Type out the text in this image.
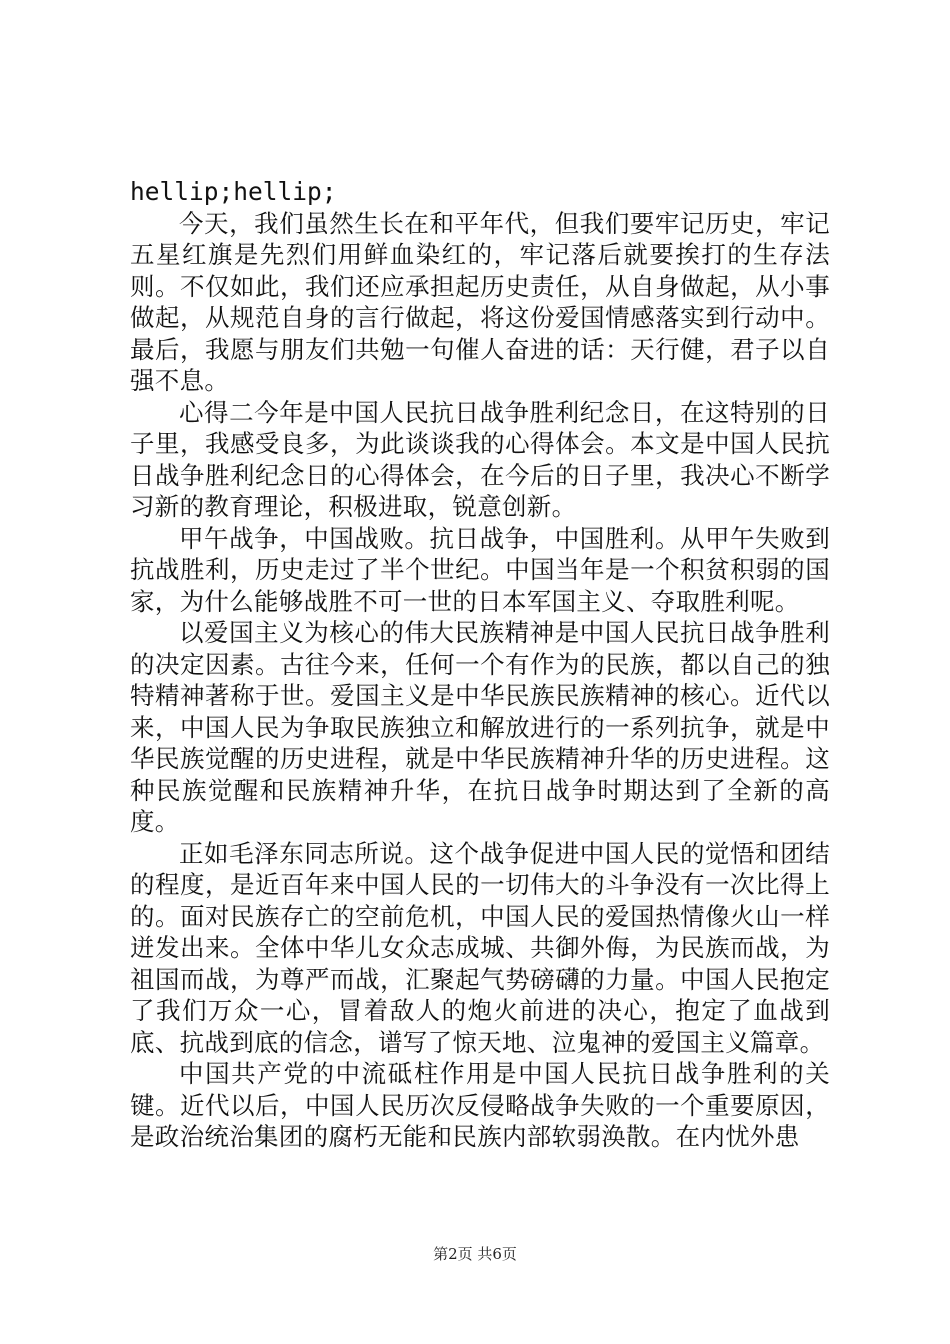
hellip;hellip;

今天，我们虽然生长在和平年代，但我们要牢记历史，牢记五星红旗是先烈们用鲜血染红的，牢记落后就要挨打的生存法则。不仅如此，我们还应承担起历史责任，从自身做起，从小事做起，从规范自身的言行做起，将这份爱国情感落实到行动中。最后，我愿与朋友们共勉一句催人奋进的话：天行健，君子以自强不息。

心得二今年是中国人民抗日战争胜利纪念日，在这特别的日子里，我感受良多，为此谈谈我的心得体会。本文是中国人民抗日战争胜利纪念日的心得体会，在今后的日子里，我决心不断学习新的教育理论，积极进取，锐意创新。

甲午战争，中国战败。抗日战争，中国胜利。从甲午失败到抗战胜利，历史走过了半个世纪。中国当年是一个积贫积弱的国家，为什么能够战胜不可一世的日本军国主义、夺取胜利呢。

以爱国主义为核心的伟大民族精神是中国人民抗日战争胜利的决定因素。古往今来，任何一个有作为的民族，都以自己的独特精神著称于世。爱国主义是中华民族民族精神的核心。近代以来，中国人民为争取民族独立和解放进行的一系列抗争，就是中华民族觉醒的历史进程，就是中华民族精神升华的历史进程。这种民族觉醒和民族精神升华，在抗日战争时期达到了全新的高度。

正如毛泽东同志所说。这个战争促进中国人民的觉悟和团结的程度，是近百年来中国人民的一切伟大的斗争没有一次比得上的。面对民族存亡的空前危机，中国人民的爱国热情像火山一样迸发出来。全体中华儿女众志成城、共御外侮，为民族而战，为祖国而战，为尊严而战，汇聚起气势磅礴的力量。中国人民抱定了我们万众一心，冒着敌人的炮火前进的决心，抱定了血战到底、抗战到底的信念，谱写了惊天地、泣鬼神的爱国主义篇章。

中国共产党的中流砥柱作用是中国人民抗日战争胜利的关键。近代以后，中国人民历次反侵略战争失败的一个重要原因，是政治统治集团的腐朽无能和民族内部软弱涣散。在内忧外患

第2页 共6页
